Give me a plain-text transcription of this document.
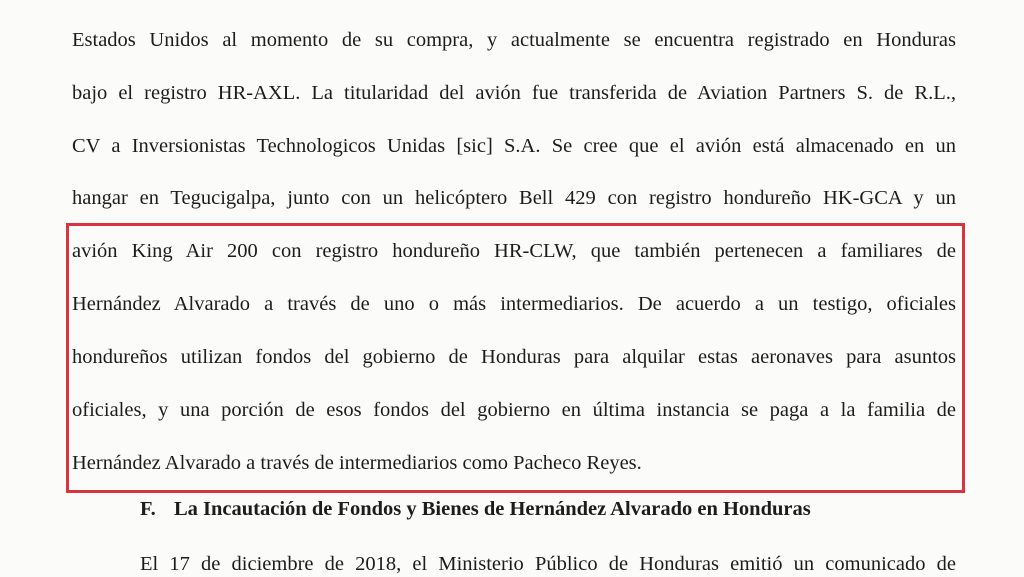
Estados Unidos al momento de su compra, y actualmente se encuentra registrado en Honduras
bajo el registro HR-AXL. La titularidad del avión fue transferida de Aviation Partners S. de R.L.,
CV a Inversionistas Technologicos Unidas [sic] S.A. Se cree que el avión está almacenado en un
hangar en Tegucigalpa, junto con un helicóptero Bell 429 con registro hondureño HK-GCA y un
avión King Air 200 con registro hondureño HR-CLW, que también pertenecen a familiares de
Hernández Alvarado a través de uno o más intermediarios. De acuerdo a un testigo, oficiales
hondureños utilizan fondos del gobierno de Honduras para alquilar estas aeronaves para asuntos
oficiales, y una porción de esos fondos del gobierno en última instancia se paga a la familia de
Hernández Alvarado a través de intermediarios como Pacheco Reyes.
F. La Incautación de Fondos y Bienes de Hernández Alvarado en Honduras
El 17 de diciembre de 2018, el Ministerio Público de Honduras emitió un comunicado de
